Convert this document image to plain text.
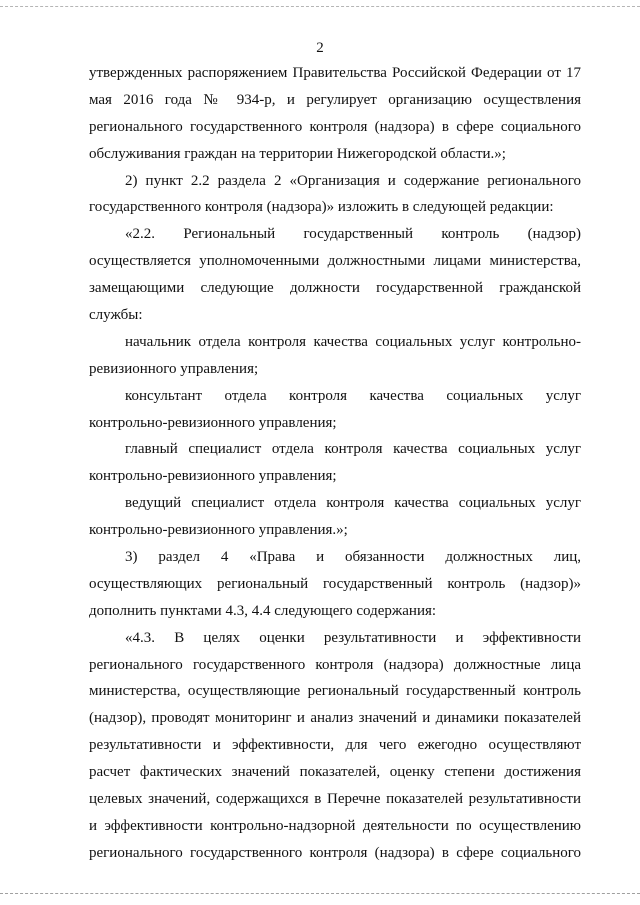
2
утвержденных распоряжением Правительства Российской Федерации от 17
мая 2016 года № 934-р, и регулирует организацию осуществления
регионального государственного контроля (надзора) в сфере социального
обслуживания граждан на территории Нижегородской области.»;
2) пункт 2.2 раздела 2 «Организация и содержание регионального
государственного контроля (надзора)» изложить в следующей редакции:
«2.2. Региональный государственный контроль (надзор)
осуществляется уполномоченными должностными лицами министерства,
замещающими следующие должности государственной гражданской
службы:
начальник отдела контроля качества социальных услуг контрольно-
ревизионного управления;
консультант отдела контроля качества социальных услуг
контрольно-ревизионного управления;
главный специалист отдела контроля качества социальных услуг
контрольно-ревизионного управления;
ведущий специалист отдела контроля качества социальных услуг
контрольно-ревизионного управления.»;
3) раздел 4 «Права и обязанности должностных лиц,
осуществляющих региональный государственный контроль (надзор)»
дополнить пунктами 4.3, 4.4 следующего содержания:
«4.3. В целях оценки результативности и эффективности
регионального государственного контроля (надзора) должностные лица
министерства, осуществляющие региональный государственный контроль
(надзор), проводят мониторинг и анализ значений и динамики показателей
результативности и эффективности, для чего ежегодно осуществляют
расчет фактических значений показателей, оценку степени достижения
целевых значений, содержащихся в Перечне показателей результативности
и эффективности контрольно-надзорной деятельности по осуществлению
регионального государственного контроля (надзора) в сфере социального
